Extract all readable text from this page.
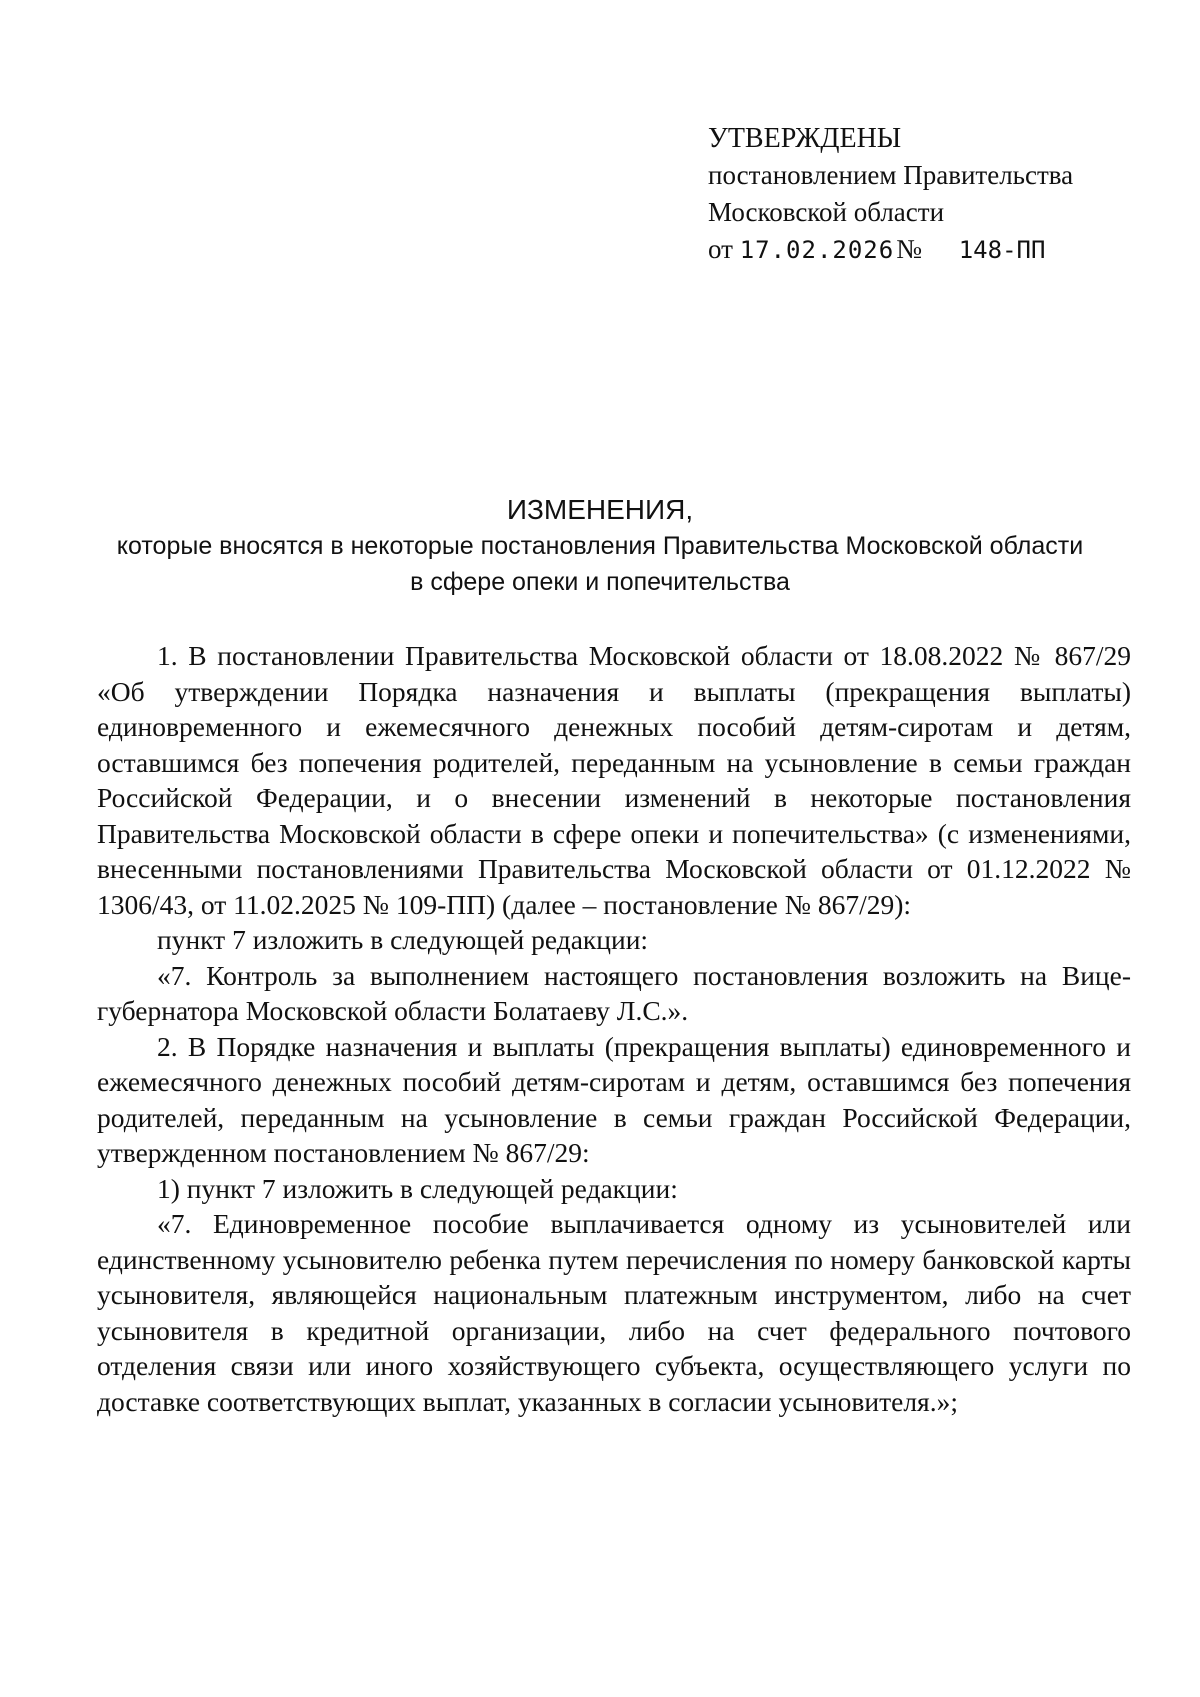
УТВЕРЖДЕНЫ
постановлением Правительства
Московской области
от 17.02.2026№ 148-ПП
ИЗМЕНЕНИЯ,
которые вносятся в некоторые постановления Правительства Московской области
в сфере опеки и попечительства

1. В постановлении Правительства Московской области от 18.08.2022 № 867/29 «Об утверждении Порядка назначения и выплаты (прекращения выплаты) единовременного и ежемесячного денежных пособий детям-сиротам и детям, оставшимся без попечения родителей, переданным на усыновление в семьи граждан Российской Федерации, и о внесении изменений в некоторые постановления Правительства Московской области в сфере опеки и попечительства» (с изменениями, внесенными постановлениями Правительства Московской области от 01.12.2022 № 1306/43, от 11.02.2025 № 109-ПП) (далее – постановление № 867/29):

пункт 7 изложить в следующей редакции:

«7. Контроль за выполнением настоящего постановления возложить на Вице-губернатора Московской области Болатаеву Л.С.».

2. В Порядке назначения и выплаты (прекращения выплаты) единовременного и ежемесячного денежных пособий детям-сиротам и детям, оставшимся без попечения родителей, переданным на усыновление в семьи граждан Российской Федерации, утвержденном постановлением № 867/29:

1) пункт 7 изложить в следующей редакции:

«7. Единовременное пособие выплачивается одному из усыновителей или единственному усыновителю ребенка путем перечисления по номеру банковской карты усыновителя, являющейся национальным платежным инструментом, либо на счет усыновителя в кредитной организации, либо на счет федерального почтового отделения связи или иного хозяйствующего субъекта, осуществляющего услуги по доставке соответствующих выплат, указанных в согласии усыновителя.»;
